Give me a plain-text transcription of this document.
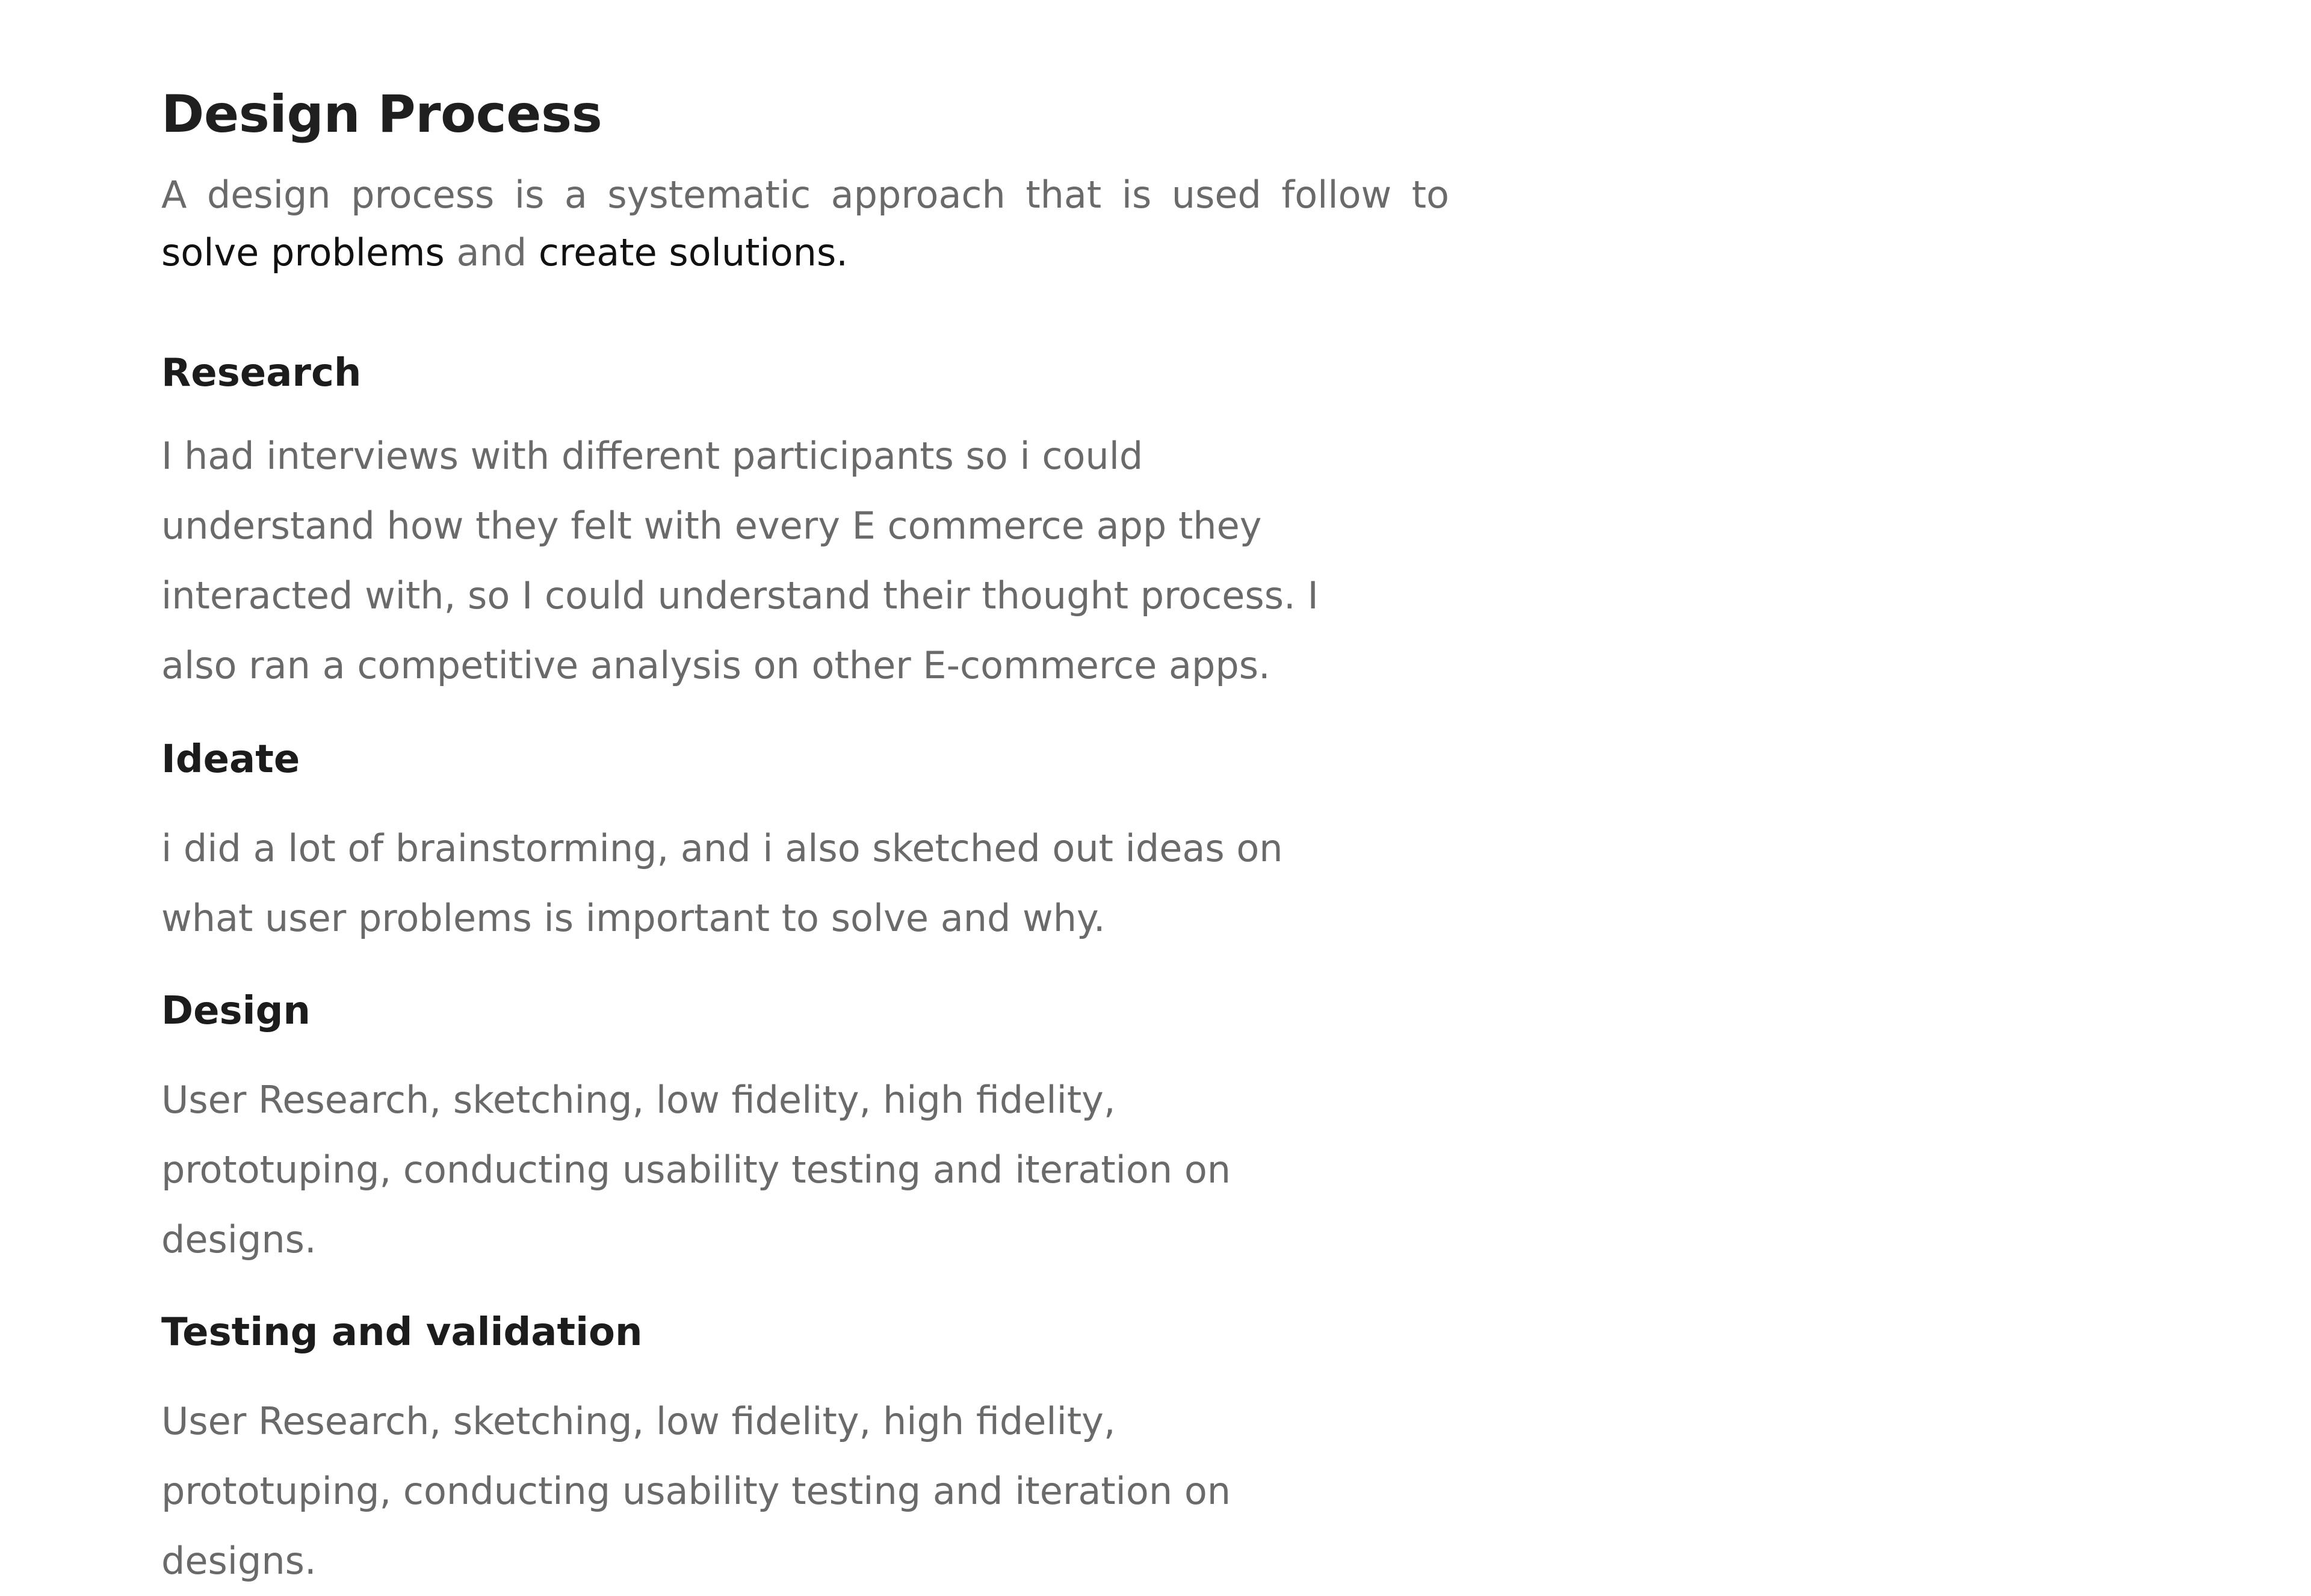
Design Process

A design process is a systematic approach that is used follow to solve problems and create solutions.

Research

I had interviews with different participants so i could understand how they felt with every E commerce app they interacted with, so I could understand their thought process. I also ran a competitive analysis on other E-commerce apps.

Ideate

i did a lot of brainstorming, and i also sketched out ideas on what user problems is important to solve and why.

Design

User Research, sketching, low fidelity, high fidelity, prototuping, conducting usability testing and iteration on designs.

Testing and validation

User Research, sketching, low fidelity, high fidelity, prototuping, conducting usability testing and iteration on designs.
